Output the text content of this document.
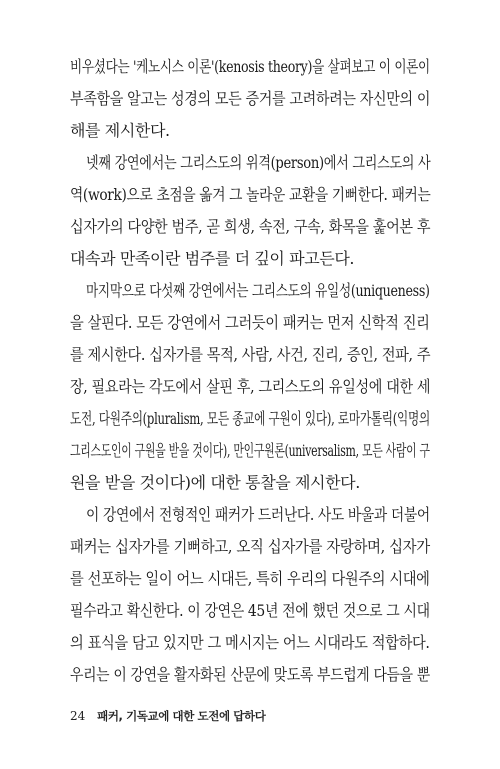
비우셨다는 '케노시스 이론'(kenosis theory)을 살펴보고 이 이론이
부족함을 알고는 성경의 모든 증거를 고려하려는 자신만의 이
해를 제시한다.
넷째 강연에서는 그리스도의 위격(person)에서 그리스도의 사
역(work)으로 초점을 옮겨 그 놀라운 교환을 기뻐한다. 패커는
십자가의 다양한 범주, 곧 희생, 속전, 구속, 화목을 훑어본 후
대속과 만족이란 범주를 더 깊이 파고든다.
마지막으로 다섯째 강연에서는 그리스도의 유일성(uniqueness)
을 살핀다. 모든 강연에서 그러듯이 패커는 먼저 신학적 진리
를 제시한다. 십자가를 목적, 사람, 사건, 진리, 증인, 전파, 주
장, 필요라는 각도에서 살핀 후, 그리스도의 유일성에 대한 세
도전, 다원주의(pluralism, 모든 종교에 구원이 있다), 로마가톨릭(익명의
그리스도인이 구원을 받을 것이다), 만인구원론(universalism, 모든 사람이 구
원을 받을 것이다)에 대한 통찰을 제시한다.
이 강연에서 전형적인 패커가 드러난다. 사도 바울과 더불어
패커는 십자가를 기뻐하고, 오직 십자가를 자랑하며, 십자가
를 선포하는 일이 어느 시대든, 특히 우리의 다원주의 시대에
필수라고 확신한다. 이 강연은 45년 전에 했던 것으로 그 시대
의 표식을 담고 있지만 그 메시지는 어느 시대라도 적합하다.
우리는 이 강연을 활자화된 산문에 맞도록 부드럽게 다듬을 뿐
24 패커, 기독교에 대한 도전에 답하다
